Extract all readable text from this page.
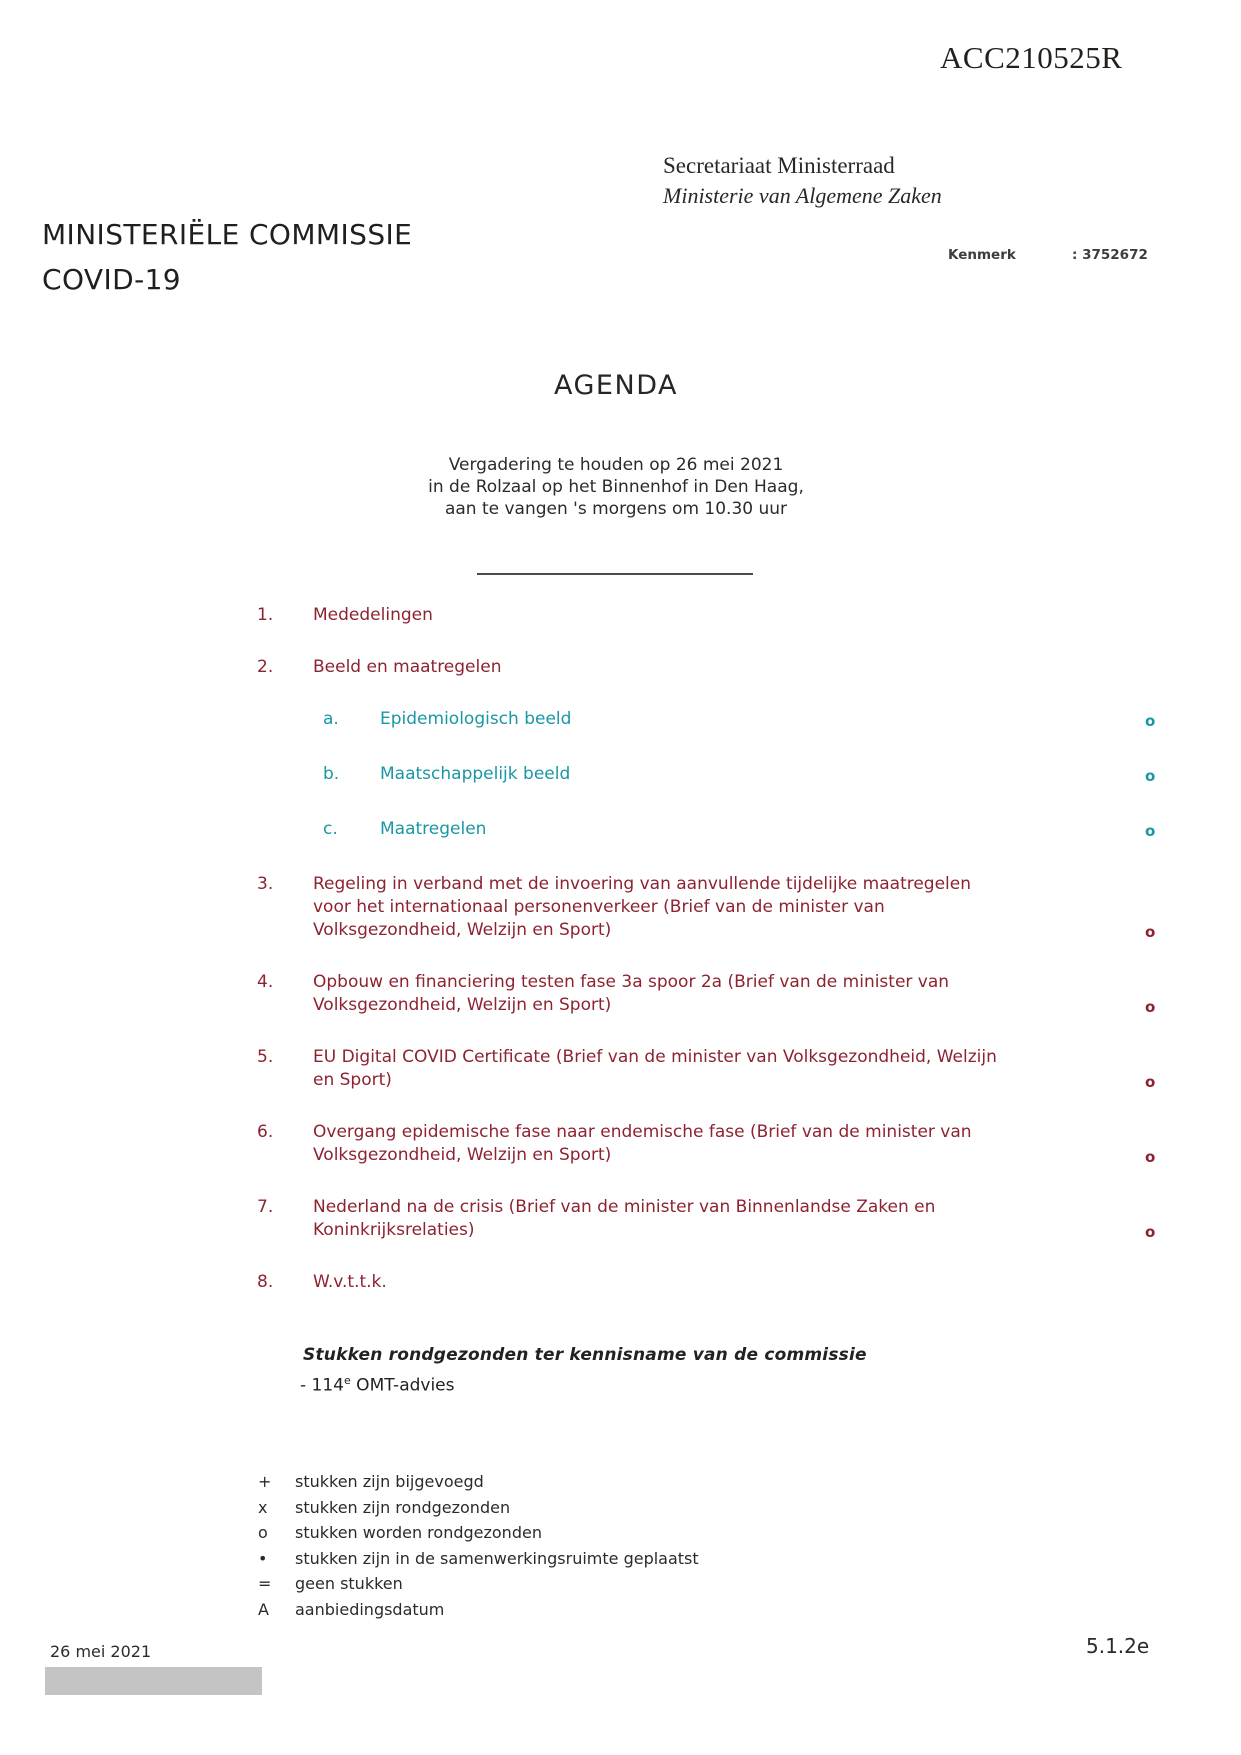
ACC210525R
Secretariaat Ministerraad
Ministerie van Algemene Zaken
MINISTERIËLE COMMISSIE
COVID-19
Kenmerk	: 3752672
AGENDA
Vergadering te houden op 26 mei 2021
in de Rolzaal op het Binnenhof in Den Haag,
aan te vangen 's morgens om 10.30 uur
1.	Mededelingen
2.	Beeld en maatregelen
a.	Epidemiologisch beeld	o
b.	Maatschappelijk beeld	o
c.	Maatregelen	o
3.	Regeling in verband met de invoering van aanvullende tijdelijke maatregelen
voor het internationaal personenverkeer (Brief van de minister van
Volksgezondheid, Welzijn en Sport)	o
4.	Opbouw en financiering testen fase 3a spoor 2a (Brief van de minister van
Volksgezondheid, Welzijn en Sport)	o
5.	EU Digital COVID Certificate (Brief van de minister van Volksgezondheid, Welzijn
en Sport)	o
6.	Overgang epidemische fase naar endemische fase (Brief van de minister van
Volksgezondheid, Welzijn en Sport)	o
7.	Nederland na de crisis (Brief van de minister van Binnenlandse Zaken en
Koninkrijksrelaties)	o
8.	W.v.t.t.k.
Stukken rondgezonden ter kennisname van de commissie
- 114e OMT-advies
+	stukken zijn bijgevoegd
x	stukken zijn rondgezonden
o	stukken worden rondgezonden
•	stukken zijn in de samenwerkingsruimte geplaatst
=	geen stukken
A	aanbiedingsdatum
26 mei 2021	5.1.2e
